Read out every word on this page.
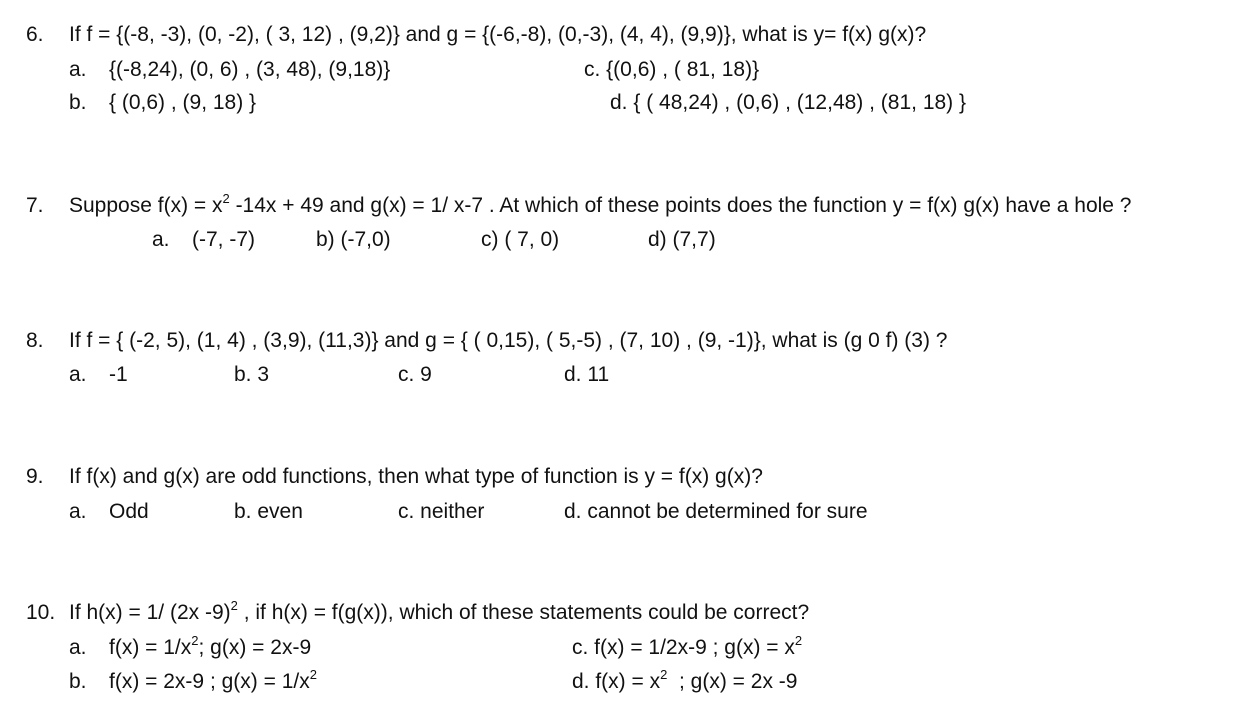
6. If f = {(-8, -3), (0, -2), ( 3, 12) , (9,2)} and g = {(-6,-8), (0,-3), (4, 4), (9,9)}, what is y= f(x) g(x)?
a. {(-8,24), (0, 6) , (3, 48), (9,18)}	c. {(0,6) , ( 81, 18)}
b. { (0,6) , (9, 18) }	d. { ( 48,24) , (0,6) , (12,48) , (81, 18) }
7. Suppose $f(x) = x^2$ -14x + 49 and g(x) = 1/ x-7 . At which of these points does the function y = f(x) g(x) have a hole ?
a. (-7, -7)	b) (-7,0)	c) ( 7, 0)	d) (7,7)
8. If f = { (-2, 5), (1, 4) , (3,9), (11,3)} and g = { ( 0,15), ( 5,-5) , (7, 10) , (9, -1)}, what is (g 0 f) (3) ?
a. -1	b. 3	c. 9	d. 11
9. If f(x) and g(x) are odd functions, then what type of function is y = f(x) g(x)?
a. Odd	b. even	c. neither	d. cannot be determined for sure
10. If h(x) = 1/ (2x -9)$^2$ , if h(x) = f(g(x)), which of these statements could be correct?
a. $f(x) = 1/x^2$; g(x) = 2x-9	c. f(x) = 1/2x-9 ; $g(x) = x^2$
b. f(x) = 2x-9 ; $g(x) = 1/x^2$	d. $f(x) = x^2$  ; g(x) = 2x -9
